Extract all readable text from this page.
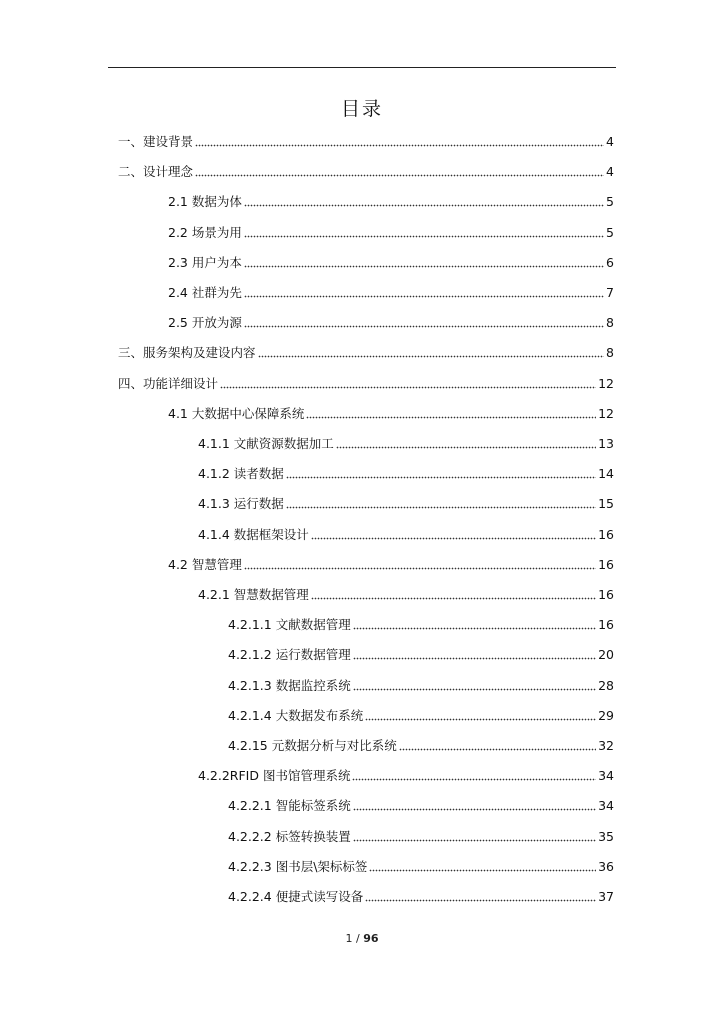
目录
一、建设背景	4
二、设计理念	4
2.1 数据为体	5
2.2 场景为用	5
2.3 用户为本	6
2.4 社群为先	7
2.5 开放为源	8
三、服务架构及建设内容	8
四、功能详细设计	12
4.1 大数据中心保障系统	12
4.1.1 文献资源数据加工	13
4.1.2 读者数据	14
4.1.3 运行数据	15
4.1.4 数据框架设计	16
4.2 智慧管理	16
4.2.1 智慧数据管理	16
4.2.1.1 文献数据管理	16
4.2.1.2 运行数据管理	20
4.2.1.3 数据监控系统	28
4.2.1.4 大数据发布系统	29
4.2.15 元数据分析与对比系统	32
4.2.2RFID 图书馆管理系统	34
4.2.2.1 智能标签系统	34
4.2.2.2 标签转换装置	35
4.2.2.3 图书层\架标标签	36
4.2.2.4 便捷式读写设备	37
1 / 96
